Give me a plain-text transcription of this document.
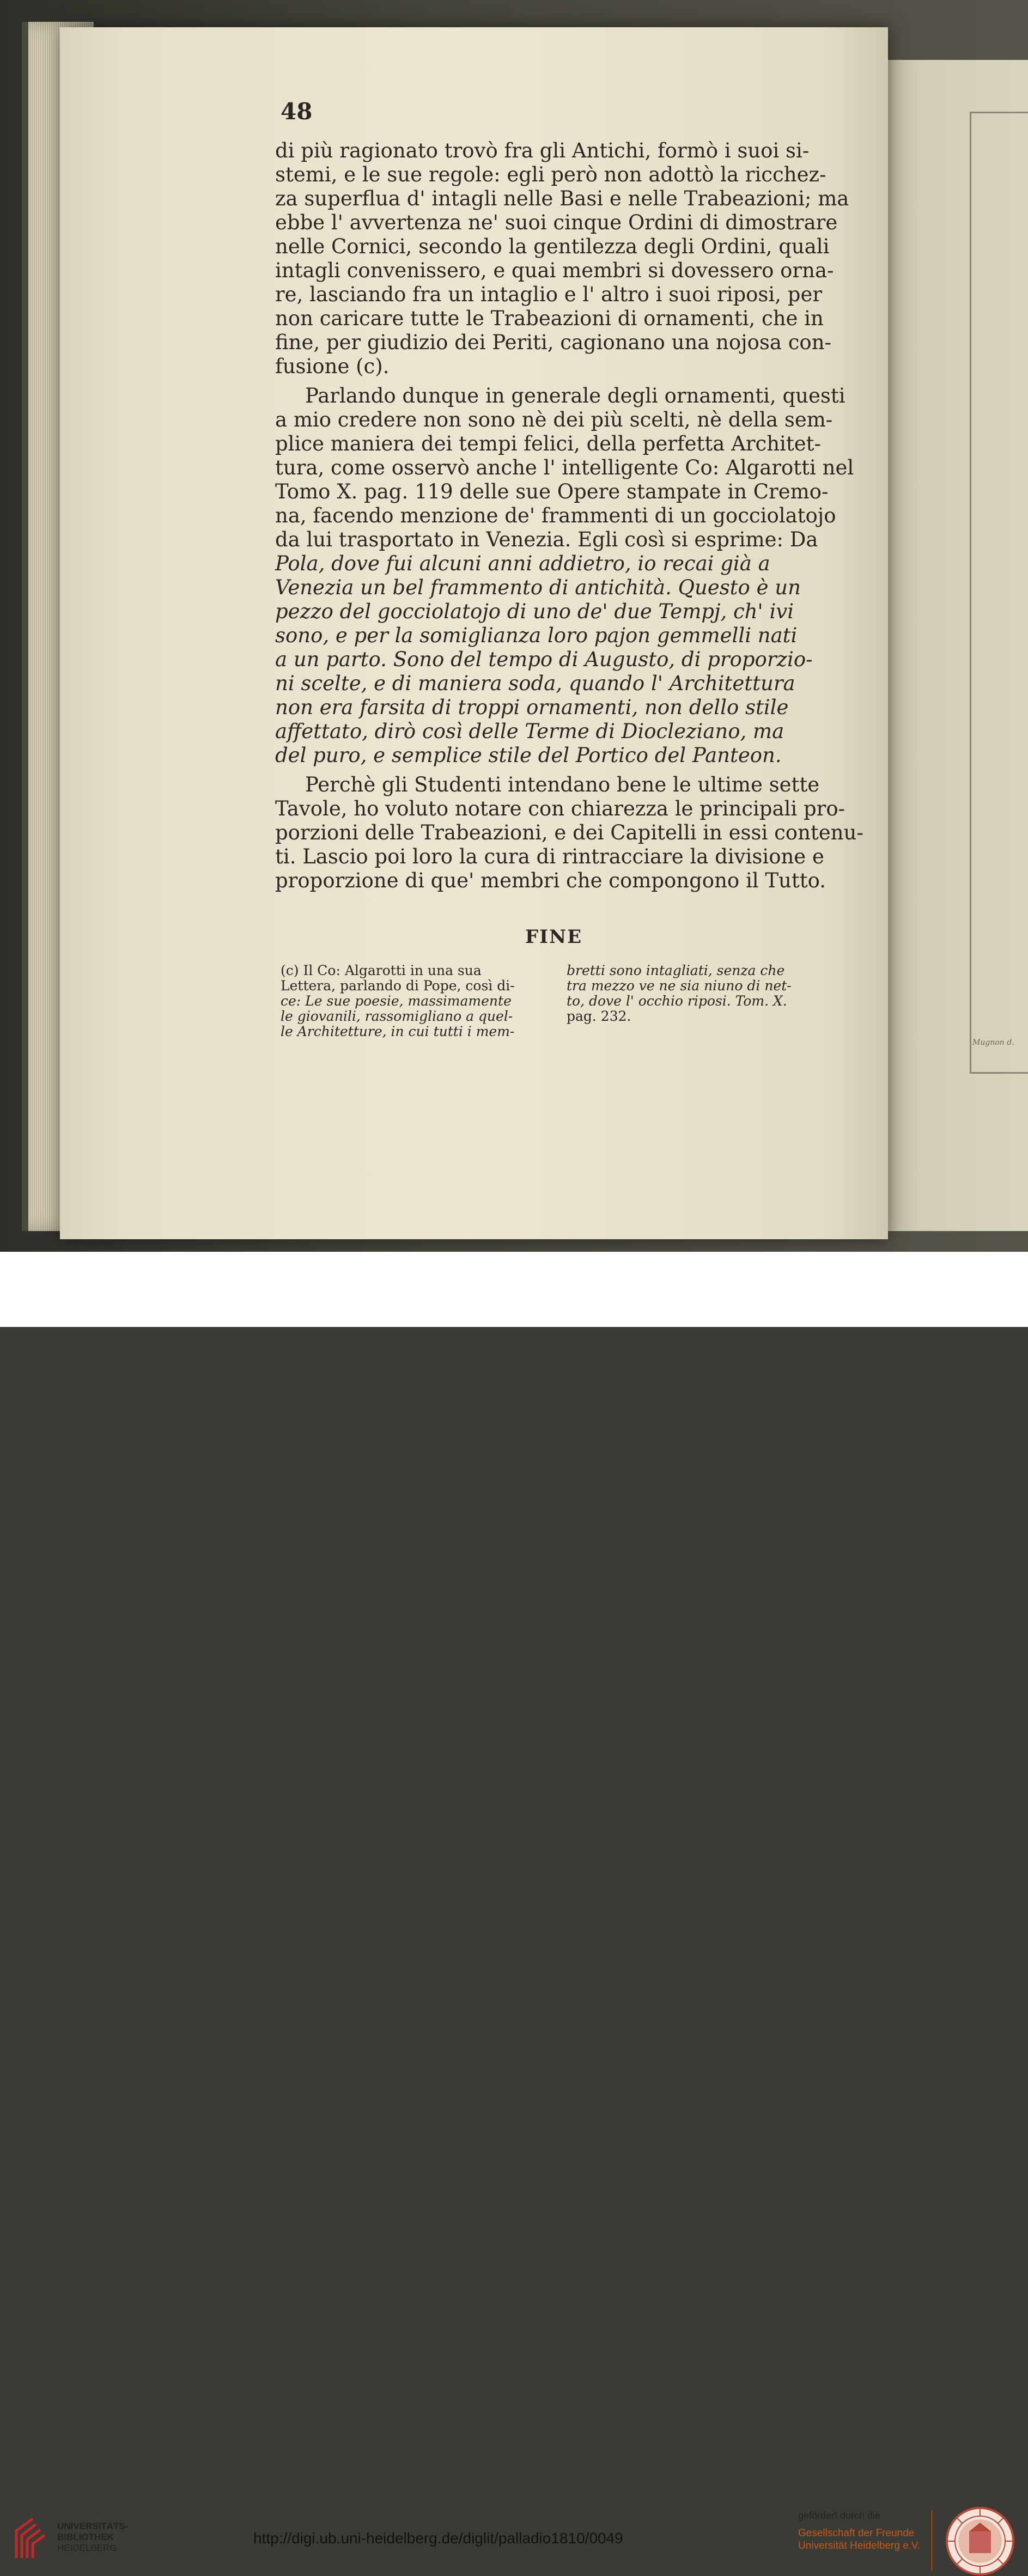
Mugnon d.
48
di più ragionato trovò fra gli Antichi, formò i suoi si-
stemi, e le sue regole: egli però non adottò la ricchez-
za superflua d' intagli nelle Basi e nelle Trabeazioni; ma
ebbe l' avvertenza ne' suoi cinque Ordini di dimostrare
nelle Cornici, secondo la gentilezza degli Ordini, quali
intagli convenissero, e quai membri si dovessero orna-
re, lasciando fra un intaglio e l' altro i suoi riposi, per
non caricare tutte le Trabeazioni di ornamenti, che in
fine, per giudizio dei Periti, cagionano una nojosa con-
fusione (c).
Parlando dunque in generale degli ornamenti, questi
a mio credere non sono nè dei più scelti, nè della sem-
plice maniera dei tempi felici, della perfetta Architet-
tura, come osservò anche l' intelligente Co: Algarotti nel
Tomo X. pag. 119 delle sue Opere stampate in Cremo-
na, facendo menzione de' frammenti di un gocciolatojo
da lui trasportato in Venezia. Egli così si esprime: Da
Pola, dove fui alcuni anni addietro, io recai già a
Venezia un bel frammento di antichità. Questo è un
pezzo del gocciolatojo di uno de' due Tempj, ch' ivi
sono, e per la somiglianza loro pajon gemmelli nati
a un parto. Sono del tempo di Augusto, di proporzio-
ni scelte, e di maniera soda, quando l' Architettura
non era farsita di troppi ornamenti, non dello stile
affettato, dirò così delle Terme di Diocleziano, ma
del puro, e semplice stile del Portico del Panteon.
Perchè gli Studenti intendano bene le ultime sette
Tavole, ho voluto notare con chiarezza le principali pro-
porzioni delle Trabeazioni, e dei Capitelli in essi contenu-
ti. Lascio poi loro la cura di rintracciare la divisione e
proporzione di que' membri che compongono il Tutto.
FINE
(c) Il Co: Algarotti in una sua
Lettera, parlando di Pope, così di-
ce: Le sue poesie, massimamente
le giovanili, rassomigliano a quel-
le Architetture, in cui tutti i mem-
bretti sono intagliati, senza che
tra mezzo ve ne sia niuno di net-
to, dove l' occhio riposi. Tom. X.
pag. 232.
UNIVERSITÄTS-
BIBLIOTHEK
HEIDELBERG
http://digi.ub.uni-heidelberg.de/diglit/palladio1810/0049
gefördert durch die
Gesellschaft der Freunde
Universität Heidelberg e.V.
